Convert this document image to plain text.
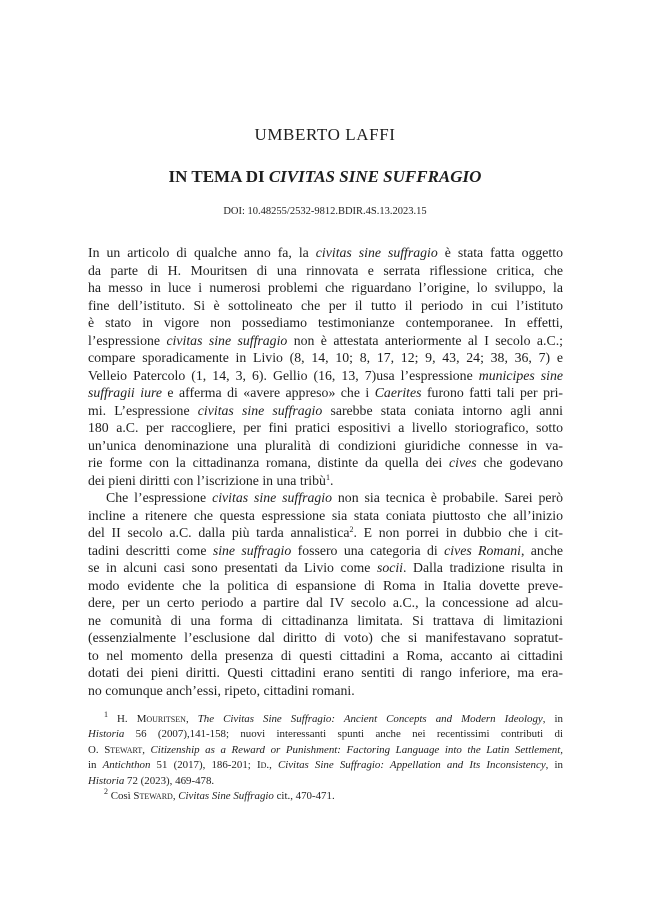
UMBERTO LAFFI
IN TEMA DI CIVITAS SINE SUFFRAGIO
DOI: 10.48255/2532-9812.BDIR.4S.13.2023.15
In un articolo di qualche anno fa, la civitas sine suffragio è stata fatta oggetto
da parte di H. Mouritsen di una rinnovata e serrata riflessione critica, che
ha messo in luce i numerosi problemi che riguardano l’origine, lo sviluppo, la
fine dell’istituto. Si è sottolineato che per il tutto il periodo in cui l’istituto
è stato in vigore non possediamo testimonianze contemporanee. In effetti,
l’espressione civitas sine suffragio non è attestata anteriormente al I secolo a.C.;
compare sporadicamente in Livio (8, 14, 10; 8, 17, 12; 9, 43, 24; 38, 36, 7) e
Velleio Patercolo (1, 14, 3, 6). Gellio (16, 13, 7)usa l’espressione municipes sine
suffragii iure e afferma di «avere appreso» che i Caerites furono fatti tali per pri-
mi. L’espressione civitas sine suffragio sarebbe stata coniata intorno agli anni
180 a.C. per raccogliere, per fini pratici espositivi a livello storiografico, sotto
un’unica denominazione una pluralità di condizioni giuridiche connesse in va-
rie forme con la cittadinanza romana, distinte da quella dei cives che godevano
dei pieni diritti con l’iscrizione in una tribù$^1$.
Che l’espressione civitas sine suffragio non sia tecnica è probabile. Sarei però
incline a ritenere che questa espressione sia stata coniata piuttosto che all’inizio
del II secolo a.C. dalla più tarda annalistica$^2$. E non porrei in dubbio che i cit-
tadini descritti come sine suffragio fossero una categoria di cives Romani, anche
se in alcuni casi sono presentati da Livio come socii. Dalla tradizione risulta in
modo evidente che la politica di espansione di Roma in Italia dovette preve-
dere, per un certo periodo a partire dal IV secolo a.C., la concessione ad alcu-
ne comunità di una forma di cittadinanza limitata. Si trattava di limitazioni
(essenzialmente l’esclusione dal diritto di voto) che si manifestavano sopratut-
to nel momento della presenza di questi cittadini a Roma, accanto ai cittadini
dotati dei pieni diritti. Questi cittadini erano sentiti di rango inferiore, ma era-
no comunque anch’essi, ripeto, cittadini romani.
$^1$ H. Mouritsen, The Civitas Sine Suffragio: Ancient Concepts and Modern Ideology, in
Historia 56 (2007),141-158; nuovi interessanti spunti anche nei recentissimi contributi di
O. Stewart, Citizenship as a Reward or Punishment: Factoring Language into the Latin Settlement,
in Antichthon 51 (2017), 186-201; Id., Civitas Sine Suffragio: Appellation and Its Inconsistency, in
Historia 72 (2023), 469-478.
$^2$ Così Steward, Civitas Sine Suffragio cit., 470-471.
